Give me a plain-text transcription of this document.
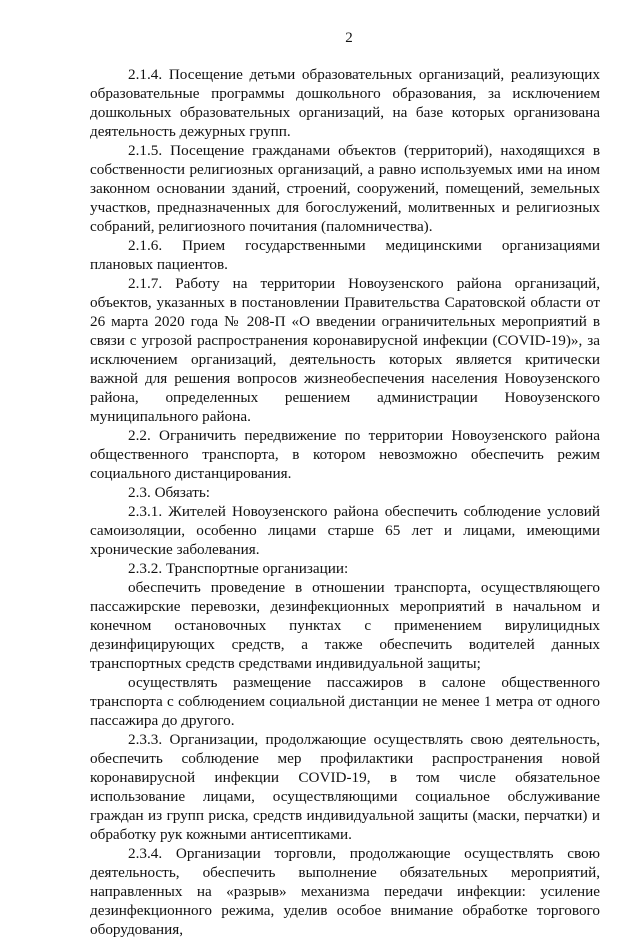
2

2.1.4. Посещение детьми образовательных организаций, реализующих образовательные программы дошкольного образования, за исключением дошкольных образовательных организаций, на базе которых организована деятельность дежурных групп.

2.1.5. Посещение гражданами объектов (территорий), находящихся в собственности религиозных организаций, а равно используемых ими на ином законном основании зданий, строений, сооружений, помещений, земельных участков, предназначенных для богослужений, молитвенных и религиозных собраний, религиозного почитания (паломничества).

2.1.6. Прием государственными медицинскими организациями плановых пациентов.

2.1.7. Работу на территории Новоузенского района организаций, объектов, указанных в постановлении Правительства Саратовской области от 26 марта 2020 года № 208-П «О введении ограничительных мероприятий в связи с угрозой распространения коронавирусной инфекции (COVID-19)», за исключением организаций, деятельность которых является критически важной для решения вопросов жизнеобеспечения населения Новоузенского района, определенных решением администрации Новоузенского муниципального района.

2.2. Ограничить передвижение по территории Новоузенского района общественного транспорта, в котором невозможно обеспечить режим социального дистанцирования.

2.3. Обязать:

2.3.1. Жителей Новоузенского района обеспечить соблюдение условий самоизоляции, особенно лицами старше 65 лет и лицами, имеющими хронические заболевания.

2.3.2. Транспортные организации:

обеспечить проведение в отношении транспорта, осуществляющего пассажирские перевозки, дезинфекционных мероприятий в начальном и конечном остановочных пунктах с применением вирулицидных дезинфицирующих средств, а также обеспечить водителей данных транспортных средств средствами индивидуальной защиты;

осуществлять размещение пассажиров в салоне общественного транспорта с соблюдением социальной дистанции не менее 1 метра от одного пассажира до другого.

2.3.3. Организации, продолжающие осуществлять свою деятельность, обеспечить соблюдение мер профилактики распространения новой коронавирусной инфекции COVID-19, в том числе обязательное использование лицами, осуществляющими социальное обслуживание граждан из групп риска, средств индивидуальной защиты (маски, перчатки) и обработку рук кожными антисептиками.

2.3.4. Организации торговли, продолжающие осуществлять свою деятельность, обеспечить выполнение обязательных мероприятий, направленных на «разрыв» механизма передачи инфекции: усиление дезинфекционного режима, уделив особое внимание обработке торгового оборудования,
